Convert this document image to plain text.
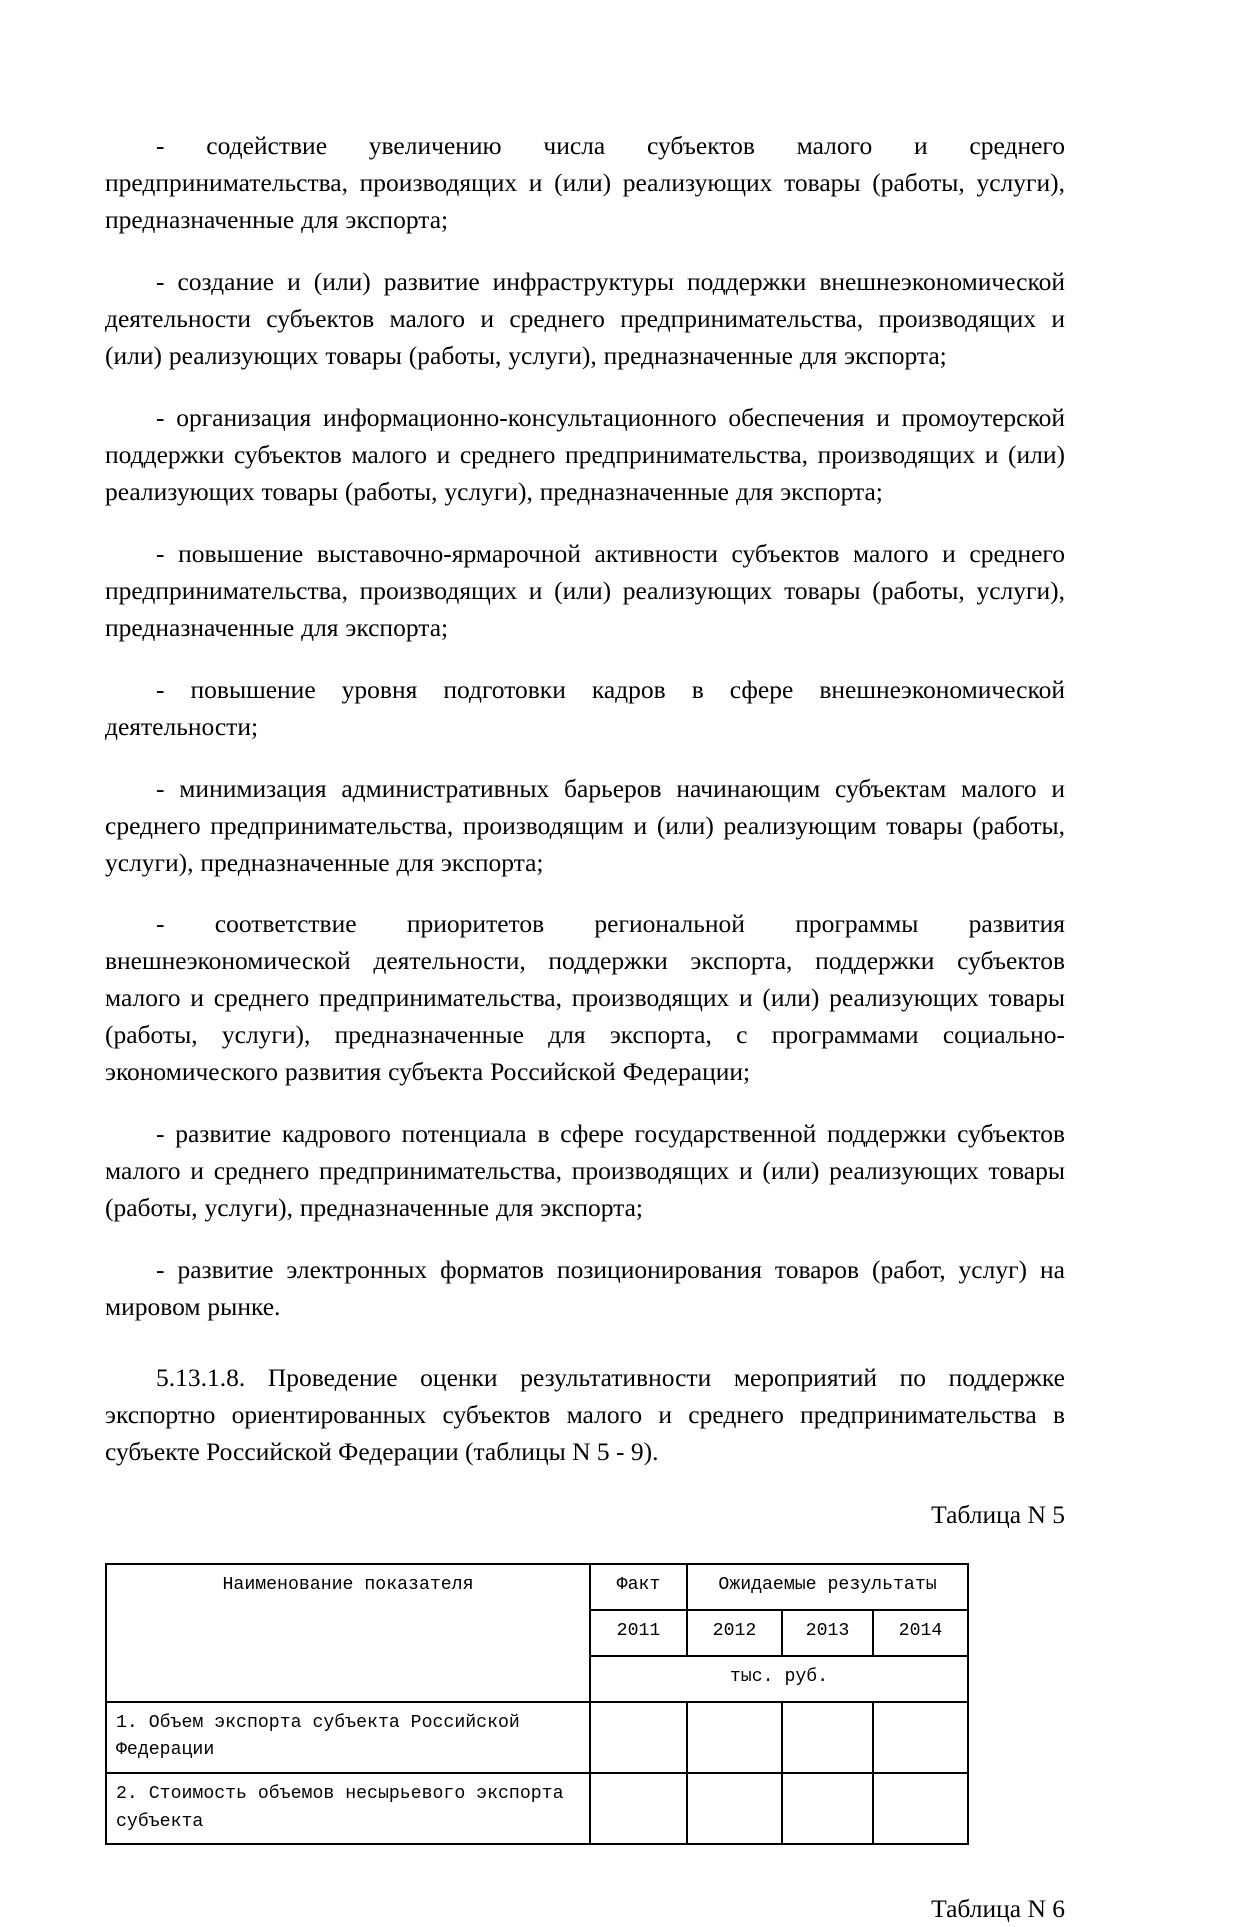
- содействие увеличению числа субъектов малого и среднего предпринимательства, производящих и (или) реализующих товары (работы, услуги), предназначенные для экспорта;

- создание и (или) развитие инфраструктуры поддержки внешнеэкономической деятельности субъектов малого и среднего предпринимательства, производящих и (или) реализующих товары (работы, услуги), предназначенные для экспорта;

- организация информационно-консультационного обеспечения и промоутерской поддержки субъектов малого и среднего предпринимательства, производящих и (или) реализующих товары (работы, услуги), предназначенные для экспорта;

- повышение выставочно-ярмарочной активности субъектов малого и среднего предпринимательства, производящих и (или) реализующих товары (работы, услуги), предназначенные для экспорта;

- повышение уровня подготовки кадров в сфере внешнеэкономической деятельности;

- минимизация административных барьеров начинающим субъектам малого и среднего предпринимательства, производящим и (или) реализующим товары (работы, услуги), предназначенные для экспорта;

- соответствие приоритетов региональной программы развития внешнеэкономической деятельности, поддержки экспорта, поддержки субъектов малого и среднего предпринимательства, производящих и (или) реализующих товары (работы, услуги), предназначенные для экспорта, с программами социально-экономического развития субъекта Российской Федерации;

- развитие кадрового потенциала в сфере государственной поддержки субъектов малого и среднего предпринимательства, производящих и (или) реализующих товары (работы, услуги), предназначенные для экспорта;

- развитие электронных форматов позиционирования товаров (работ, услуг) на мировом рынке.

5.13.1.8. Проведение оценки результативности мероприятий по поддержке экспортно ориентированных субъектов малого и среднего предпринимательства в субъекте Российской Федерации (таблицы N 5 - 9).

Таблица N 5

Наименование показателя	Факт	Ожидаемые результаты		
	2011	2012	2013	2014
	тыс. руб.			
1. Объем экспорта субъекта Российской Федерации				
2. Стоимость объемов несырьевого экспорта субъекта				

Таблица N 6
